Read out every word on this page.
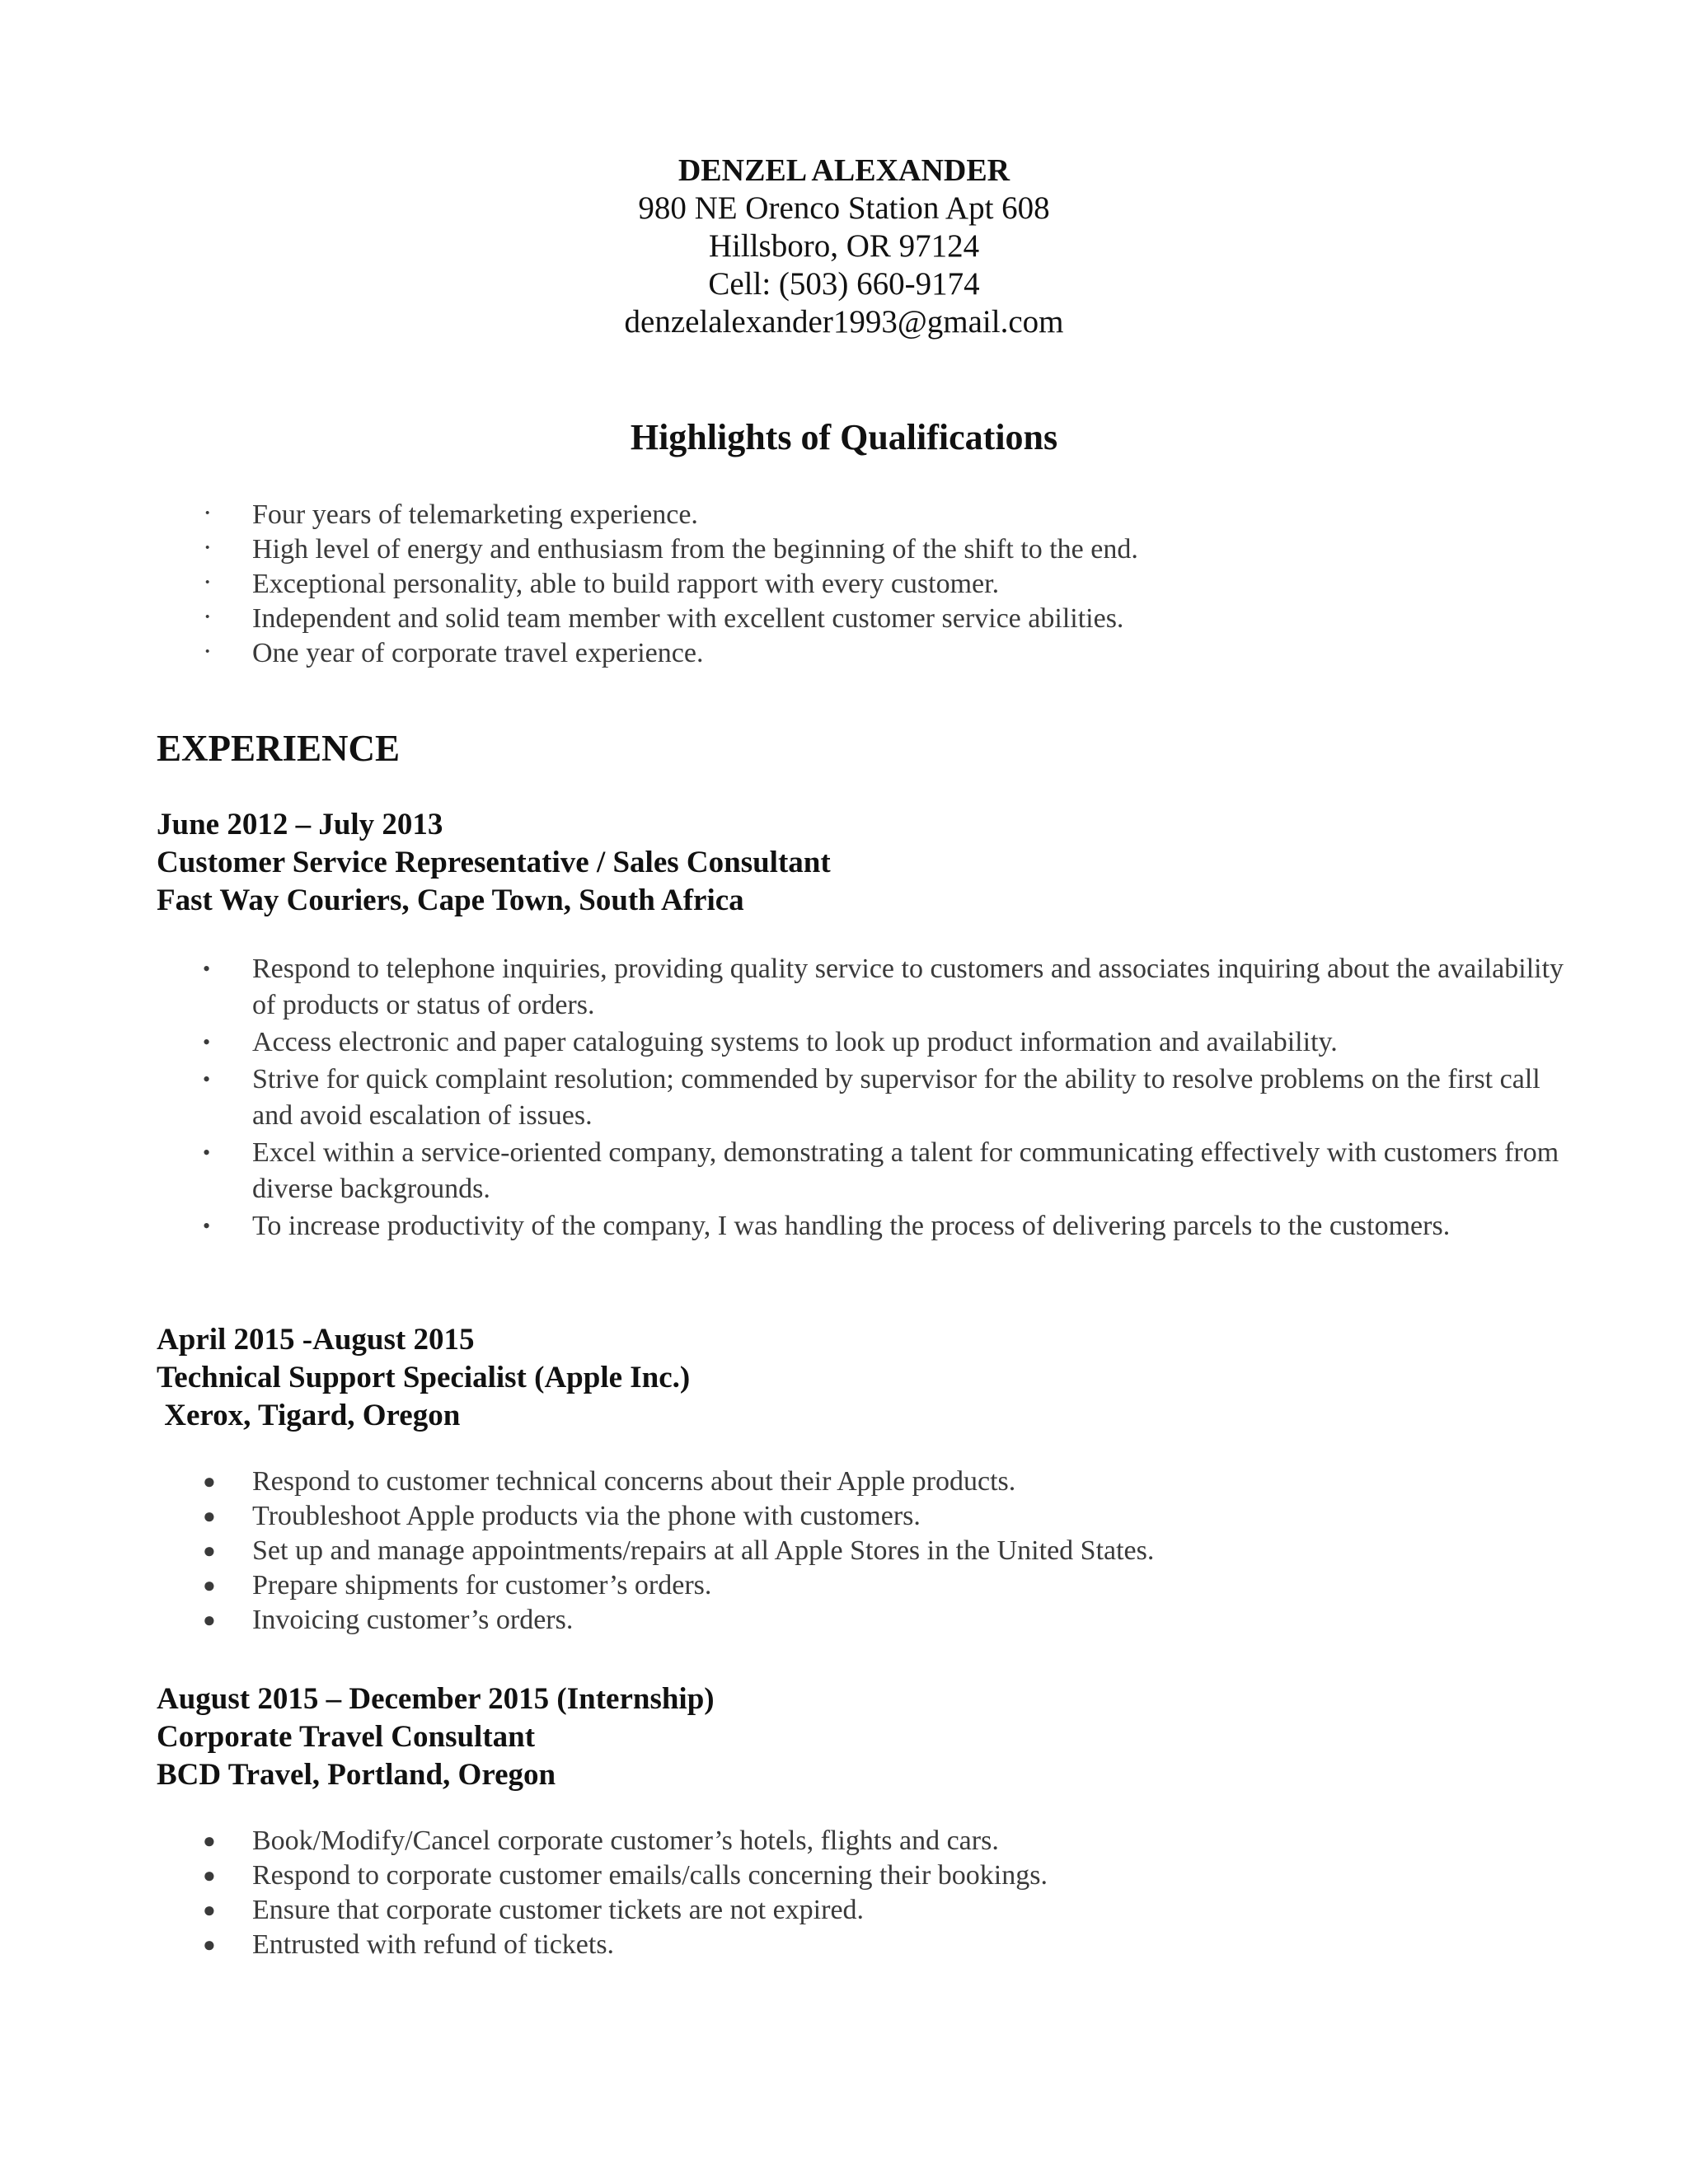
DENZEL ALEXANDER
980 NE Orenco Station Apt 608
Hillsboro, OR 97124
Cell: (503) 660-9174
denzelalexander1993@gmail.com
Highlights of Qualifications
·	Four years of telemarketing experience.
·	High level of energy and enthusiasm from the beginning of the shift to the end.
·	Exceptional personality, able to build rapport with every customer.
·	Independent and solid team member with excellent customer service abilities.
·	One year of corporate travel experience.
EXPERIENCE
June 2012 – July 2013
Customer Service Representative / Sales Consultant
Fast Way Couriers, Cape Town, South Africa
•	Respond to telephone inquiries, providing quality service to customers and associates inquiring about the availability of products or status of orders.
•	Access electronic and paper cataloguing systems to look up product information and availability.
•	Strive for quick complaint resolution; commended by supervisor for the ability to resolve problems on the first call and avoid escalation of issues.
•	Excel within a service-oriented company, demonstrating a talent for communicating effectively with customers from diverse backgrounds.
•	To increase productivity of the company, I was handling the process of delivering parcels to the customers.
April 2015 -August 2015
Technical Support Specialist (Apple Inc.)
Xerox, Tigard, Oregon
●	Respond to customer technical concerns about their Apple products.
●	Troubleshoot Apple products via the phone with customers.
●	Set up and manage appointments/repairs at all Apple Stores in the United States.
●	Prepare shipments for customer’s orders.
●	Invoicing customer’s orders.
August 2015 – December 2015 (Internship)
Corporate Travel Consultant
BCD Travel, Portland, Oregon
●	Book/Modify/Cancel corporate customer’s hotels, flights and cars.
●	Respond to corporate customer emails/calls concerning their bookings.
●	Ensure that corporate customer tickets are not expired.
●	Entrusted with refund of tickets.
